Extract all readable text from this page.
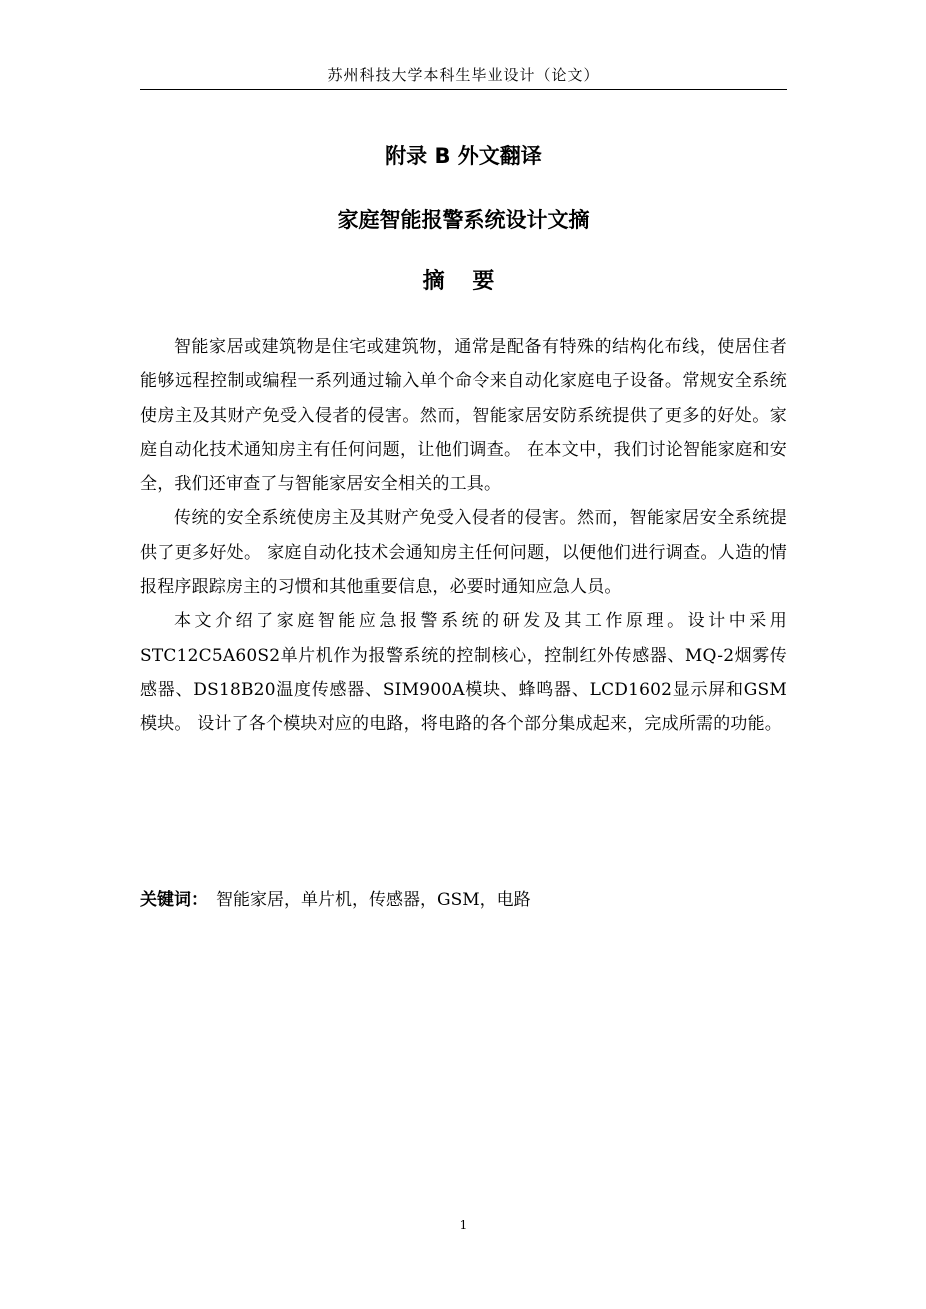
苏州科技大学本科生毕业设计（论文）
附录 B 外文翻译
家庭智能报警系统设计文摘
摘 要

智能家居或建筑物是住宅或建筑物，通常是配备有特殊的结构化布线，使居住者能够远程控制或编程一系列通过输入单个命令来自动化家庭电子设备。常规安全系统使房主及其财产免受入侵者的侵害。然而，智能家居安防系统提供了更多的好处。家庭自动化技术通知房主有任何问题，让他们调查。 在本文中，我们讨论智能家庭和安全，我们还审查了与智能家居安全相关的工具。

传统的安全系统使房主及其财产免受入侵者的侵害。然而，智能家居安全系统提供了更多好处。 家庭自动化技术会通知房主任何问题，以便他们进行调查。人造的情报程序跟踪房主的习惯和其他重要信息，必要时通知应急人员。

本文介绍了家庭智能应急报警系统的研发及其工作原理。设计中采用STC12C5A60S2单片机作为报警系统的控制核心，控制红外传感器、MQ-2烟雾传感器、DS18B20温度传感器、SIM900A模块、蜂鸣器、LCD1602显示屏和GSM模块。 设计了各个模块对应的电路，将电路的各个部分集成起来，完成所需的功能。

关键词： 智能家居，单片机，传感器，GSM，电路
1
